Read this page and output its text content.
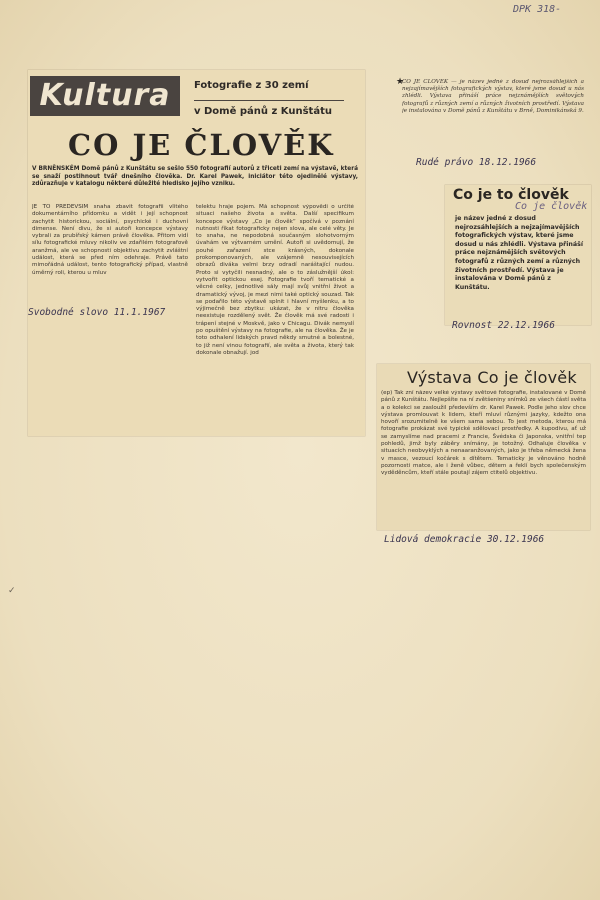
DPK 318-
Kultura	Fotografie z 30 zemí
v Domě pánů z Kunštátu
CO JE ČLOVĚK
V BRNĚNSKÉM Domě pánů z Kunštátu se sešlo 550 fotografií autorů z třiceti zemí na výstavě, která se snaží postihnout tvář dnešního člověka. Dr. Karel Pawek, iniciátor této ojedinělé výstavy, zdůrazňuje v katalogu některé důležité hledisko jejího vzniku.
JE TO PŘEDEVŠÍM snaha zbavit fotografii vlitého dokumentárního přídomku a vidět i její schopnost zachytit historickou, sociální, psychické i duchovní dimense. Není divu, že si autoři koncepce výstavy vybrali za prubířský kámen právě člověka. Přitom vidí sílu fotografické mluvy nikoliv ve zdařilém fotografově aranžmá, ale ve schopnosti objektivu zachytit zvláštní událost, která se před ním odehraje. Právě tato mimořádná událost, tento fotografický případ, vlastně úměrný roli, kterou u mluv
telektu hraje pojem. Má schopnost výpovědi o určité situaci našeho života a světa. Další specifikum koncepce výstavy „Co je člověk“ spočívá v poznání nutnosti říkat fotograficky nejen slova, ale celé věty. Je to snaha, ne nepodobná současným slohotvorným úvahám ve výtvarném umění. Autoři si uvědomují, že pouhé zařazení stce krásných, dokonale prokomponovaných, ale vzájemně nesouvisejících obrazů diváka velmi brzy odradí naráštající nudou. Proto si vytyčili nesnadný, ale o to záslužnější úkol: vytvořit optickou esej. Fotografie tvoří tematické a věcné celky, jednotlivé sály mají svůj vnitřní život a dramatický vývoj, je mezi nimi také optický souzad. Tak se podařilo této výstavě splnit i hlavní myšlenku, a to výjimečně bez zbytku: ukázat, že v nitru člověka neexistuje rozdělený svět. Že člověk má své radosti i trápení stejné v Moskvě, jako v Chicagu. Divák nemyslí po opuštění výstavy na fotografie, ale na člověka. Že je toto odhalení lidských pravd někdy smutné a bolestné, to již není vinou fotografií, ale světa a života, který tak dokonale obnažují. jod
Svobodné slovo 11.1.1967
★
CO JE ČLOVĚK — je název jedné z dosud nejrozsáhlejších a nejzajímavějších fotografických výstav, které jsme dosud u nás zhlédli. Výstava přináší práce nejznámějších světových fotografů z různých zemí a různých životních prostředí. Výstava je instalována v Domě pánů z Kunštátu v Brně, Dominikánská 9.
Rudé právo 18.12.1966
Co je to člověk
Co je člověk
je název jedné z dosud nejrozsáhlejších a nejzajímavějších fotografických výstav, které jsme dosud u nás zhlédli. Výstava přináší práce nejznámějších světových fotografů z různých zemí a různých životních prostředí. Výstava je instalována v Domě pánů z Kunštátu.
Rovnost 22.12.1966
Výstava Co je člověk
(ep) Tak zní název velké výstavy světové fotografie, instalované v Domě pánů z Kunštátu. Nejlepšíte na ní zvětšeniny snímků ze všech částí světa a o kolekci se zasloužil především dr. Karel Pawek. Podle jeho slov chce výstava promlouvat k lidem, kteří mluví různými jazyky, kdežto ona hovoří srozumitelně ke všem sama sebou. To jest metoda, kterou má fotografie prokázat své typické sdělovací prostředky. A kupodivu, ať už se zamyslíme nad pracemi z Francie, Švédska či Japonska, vnitřní tep pohledů, jimž byly záběry snímány, je totožný. Odhaluje člověka v situacích neobvyklých a nenaaranžovaných, jako je třeba německá žena v masce, vezoucí kočárek s dítětem. Tematicky je věnováno hodně pozornosti matce, ale i ženě vůbec, dětem a řeklí bych společenským vyděděncům, kteří stále poutají zájem ctitelů objektivu.
Lidová demokracie 30.12.1966
✓
